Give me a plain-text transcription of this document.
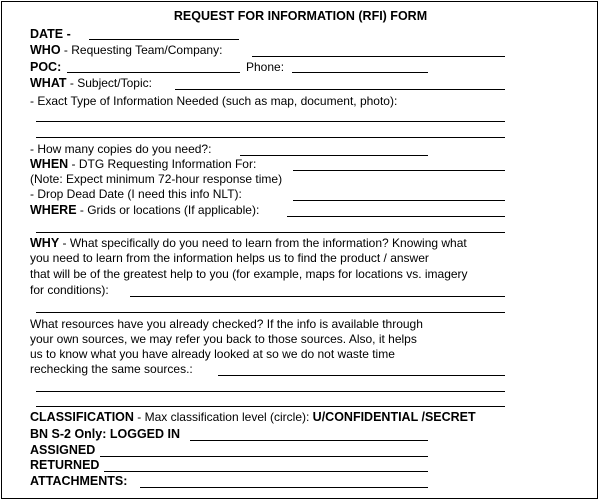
REQUEST FOR INFORMATION (RFI) FORM
DATE -
WHO - Requesting Team/Company:
POC:	Phone:
WHAT - Subject/Topic:
- Exact Type of Information Needed (such as map, document, photo):
- How many copies do you need?:
WHEN - DTG Requesting Information For:
(Note: Expect minimum 72-hour response time)
- Drop Dead Date (I need this info NLT):
WHERE - Grids or locations (If applicable):
WHY - What specifically do you need to learn from the information? Knowing what
you need to learn from the information helps us to find the product / answer
that will be of the greatest help to you (for example, maps for locations vs. imagery
for conditions):
What resources have you already checked? If the info is available through
your own sources, we may refer you back to those sources. Also, it helps
us to know what you have already looked at so we do not waste time
rechecking the same sources.:
CLASSIFICATION - Max classification level (circle): U/CONFIDENTIAL /SECRET
BN S-2 Only: LOGGED IN
ASSIGNED
RETURNED
ATTACHMENTS:
